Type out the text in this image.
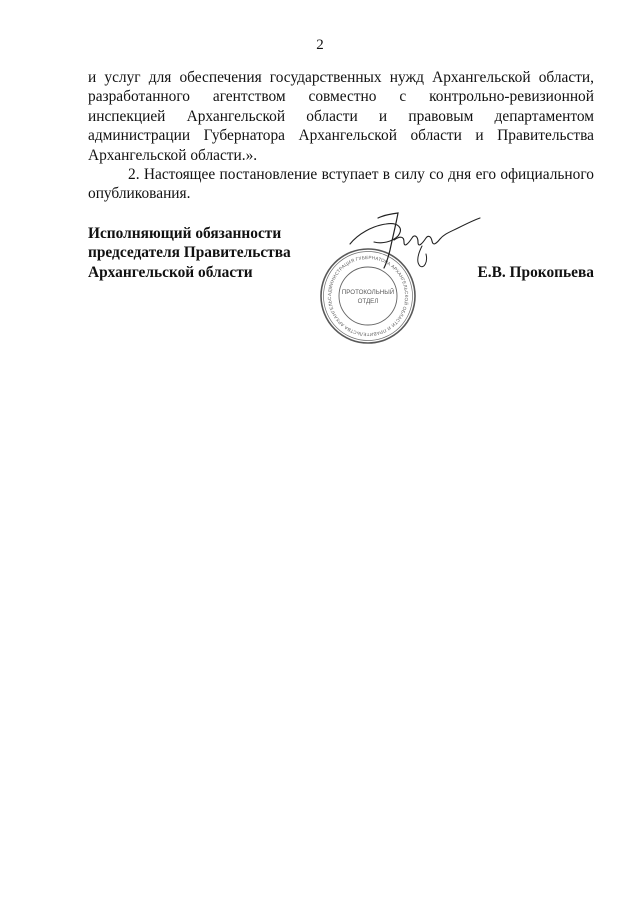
2

и услуг для обеспечения государственных нужд Архангельской области, разработанного агентством совместно с контрольно-ревизионной инспекцией Архангельской области и правовым департаментом администрации Губернатора Архангельской области и Правительства Архангельской области.».

2. Настоящее постановление вступает в силу со дня его официального опубликования.

Исполняющий обязанности
председателя Правительства
Архангельской области
АДМИНИСТРАЦИЯ ГУБЕРНАТОРА АРХАНГЕЛЬСКОЙ ОБЛАСТИ И ПРАВИТЕЛЬСТВА АРХАНГЕЛЬС
ПРОТОКОЛЬНЫЙ
ОТДЕЛ
Е.В. Прокопьева
